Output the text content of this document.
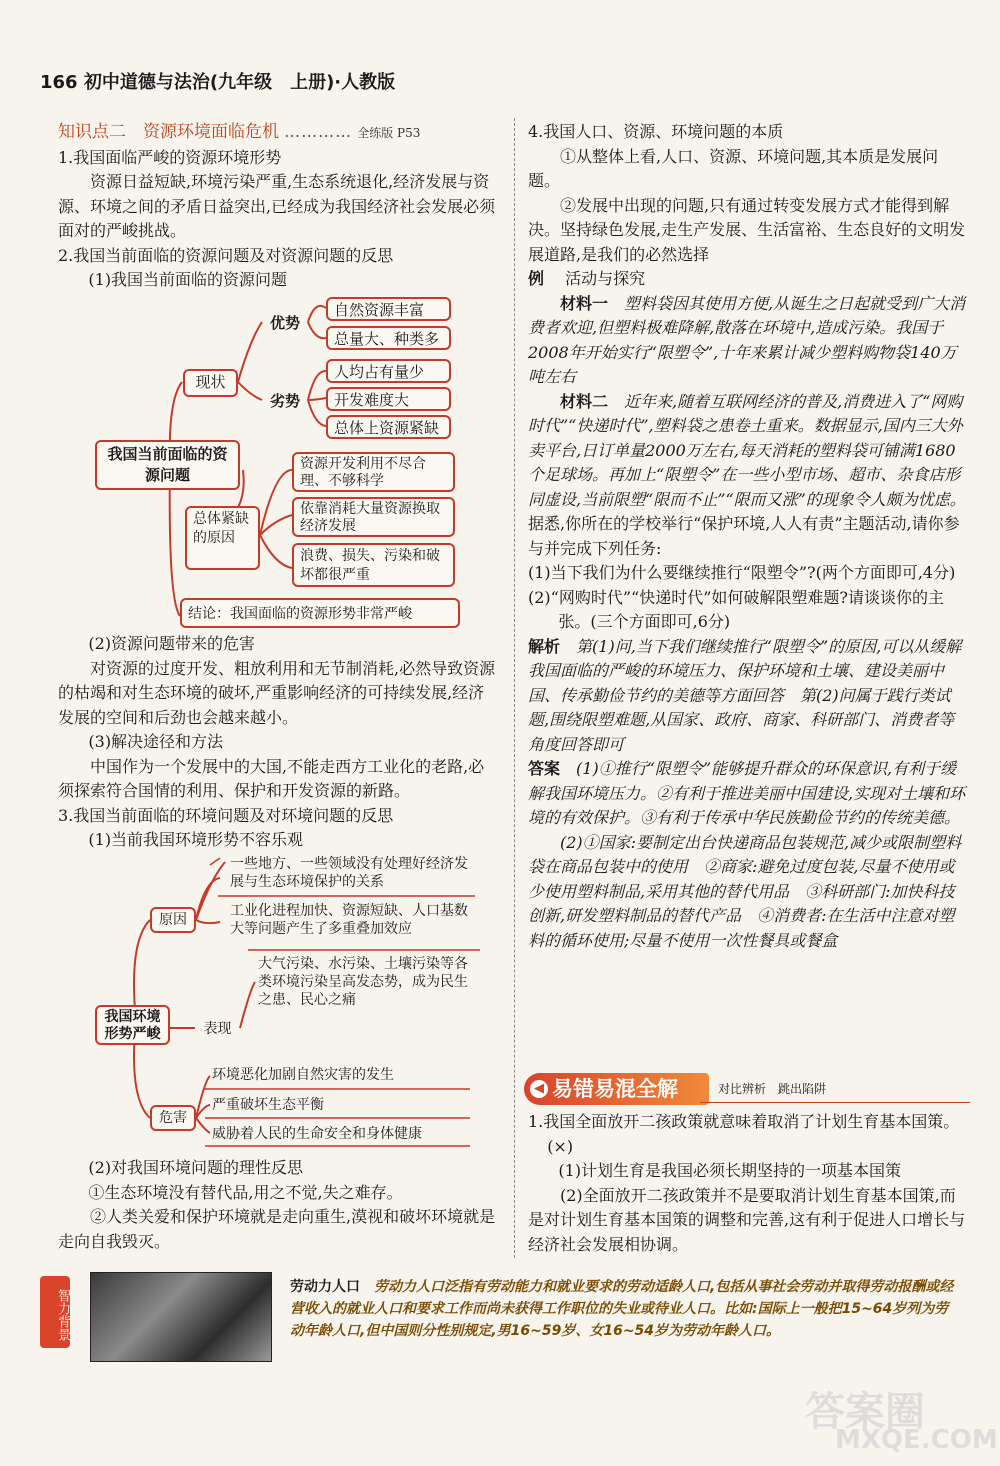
166 初中道德与法治(九年级　上册)·人教版

知识点二　资源环境面临危机 ………… 全练版 P53

1.我国面临严峻的资源环境形势

资源日益短缺,环境污染严重,生态系统退化,经济发展与资源、环境之间的矛盾日益突出,已经成为我国经济社会发展必须面对的严峻挑战。

2.我国当前面临的资源问题及对资源问题的反思

(1)我国当前面临的资源问题

我国当前面临的资源问题
现状
优势
自然资源丰富
总量大、种类多
劣势
人均占有量少
开发难度大
总体上资源紧缺
总体紧缺的原因
资源开发利用不尽合理、不够科学
依靠消耗大量资源换取经济发展
浪费、损失、污染和破坏都很严重
结论：我国面临的资源形势非常严峻

(2)资源问题带来的危害

对资源的过度开发、粗放利用和无节制消耗,必然导致资源的枯竭和对生态环境的破坏,严重影响经济的可持续发展,经济发展的空间和后劲也会越来越小。

(3)解决途径和方法

中国作为一个发展中的大国,不能走西方工业化的老路,必须探索符合国情的利用、保护和开发资源的新路。

3.我国当前面临的环境问题及对环境问题的反思

(1)当前我国环境形势不容乐观

我国环境形势严峻
原因
一些地方、一些领域没有处理好经济发展与生态环境保护的关系
工业化进程加快、资源短缺、人口基数大等问题产生了多重叠加效应
表现
大气污染、水污染、土壤污染等各类环境污染呈高发态势，成为民生之患、民心之痛
危害
环境恶化加剧自然灾害的发生
严重破坏生态平衡
威胁着人民的生命安全和身体健康

(2)对我国环境问题的理性反思

①生态环境没有替代品,用之不觉,失之难存。

②人类关爱和保护环境就是走向重生,漠视和破坏环境就是走向自我毁灭。

4.我国人口、资源、环境问题的本质

①从整体上看,人口、资源、环境问题,其本质是发展问题。

②发展中出现的问题,只有通过转变发展方式才能得到解决。坚持绿色发展,走生产发展、生活富裕、生态良好的文明发展道路,是我们的必然选择

例　 活动与探究

材料一　 塑料袋因其使用方便,从诞生之日起就受到广大消费者欢迎,但塑料极难降解,散落在环境中,造成污染。我国于2008年开始实行“限塑令”,十年来累计减少塑料购物袋140万吨左右

材料二　 近年来,随着互联网经济的普及,消费进入了“网购时代”“快递时代”,塑料袋之患卷土重来。数据显示,国内三大外卖平台,日订单量2000万左右,每天消耗的塑料袋可铺满1680个足球场。再加上“限塑令”在一些小型市场、超市、杂食店形同虚设,当前限塑“限而不止”“限而又涨”的现象令人颇为忧虑。

据悉,你所在的学校举行“保护环境,人人有责”主题活动,请你参与并完成下列任务:

(1)当下我们为什么要继续推行“限塑令”?(两个方面即可,4分)

(2)“网购时代”“快递时代”如何破解限塑难题?请谈谈你的主张。(三个方面即可,6分)

解析　 第(1)问,当下我们继续推行“限塑令”的原因,可以从缓解我国面临的严峻的环境压力、保护环境和土壤、建设美丽中国、传承勤俭节约的美德等方面回答　第(2)问属于践行类试题,围绕限塑难题,从国家、政府、商家、科研部门、消费者等角度回答即可

答案　 (1)①推行“限塑令”能够提升群众的环保意识,有利于缓解我国环境压力。②有利于推进美丽中国建设,实现对土壤和环境的有效保护。③有利于传承中华民族勤俭节约的传统美德。

(2)①国家:要制定出台快递商品包装规范,减少或限制塑料袋在商品包装中的使用　②商家:避免过度包装,尽量不使用或少使用塑料制品,采用其他的替代用品　③科研部门:加快科技创新,研发塑料制品的替代产品　④消费者:在生活中注意对塑料的循环使用;尽量不使用一次性餐具或餐盒

易错易混全解
◀	对比辨析　跳出陷阱

1.我国全面放开二孩政策就意味着取消了计划生育基本国策。(×)

(1)计划生育是我国必须长期坚持的一项基本国策

(2)全面放开二孩政策并不是要取消计划生育基本国策,而是对计划生育基本国策的调整和完善,这有利于促进人口增长与经济社会发展相协调。

智力背景
劳动力人口　 劳动力人口泛指有劳动能力和就业要求的劳动适龄人口,包括从事社会劳动并取得劳动报酬或经营收入的就业人口和要求工作而尚未获得工作职位的失业或待业人口。比如:国际上一般把15~64岁列为劳动年龄人口,但中国则分性别规定,男16~59岁、女16~54岁为劳动年龄人口。
答案圈
MXQE.COM
